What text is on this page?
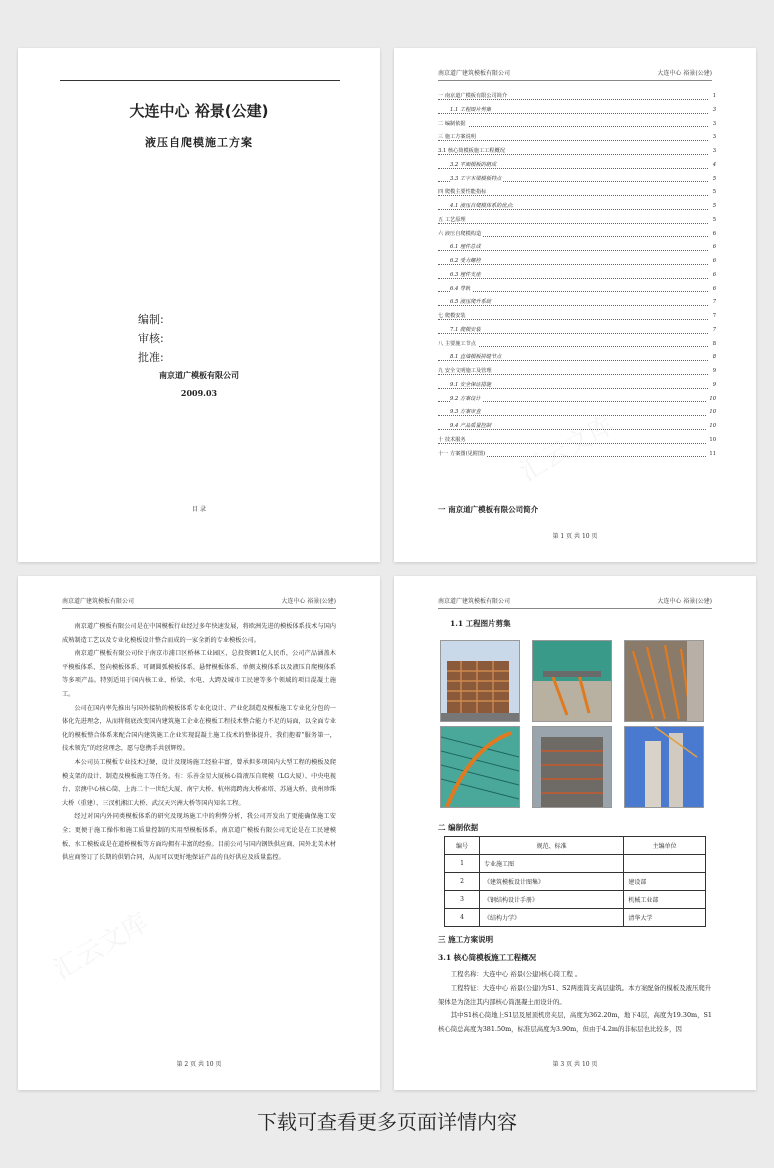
大连中心 裕景(公建)
液压自爬模施工方案
编制:
审核:
批准:
南京道广模板有限公司
2009.03
目 录
南京道广建筑模板有限公司	大连中心 裕景(公建)
一 南京道广模板有限公司简介	1
1.1 工程图片剪集	3
二 编制依据	3
三 施工方案说明	3
3.1 核心筒模板施工工程概况	3
3.2 平面模板的组成	4
3.3 工字木梁模板特点	5
四 爬模主要性能指标	5
4.1 液压自爬模体系的优点:	5
五 工艺原理	5
六 液压自爬模构造	6
6.1 埋件总成	6
6.2 受力螺栓	6
6.3 埋件支座	6
6.4 导轨	6
6.5 液压爬升系统	7
七 爬模安装	7
7.1 爬模安装	7
八 主要施工节点	8
8.1 直墙模板拼缝节点	8
九 安全文明施工及管理	9
9.1 安全保证措施	9
9.2 方案设计	10
9.3 方案审查	10
9.4 产品质量控制	10
十 技术服务	10
十一 方案图(见附图)	11
一 南京道广模板有限公司简介
第 1 页 共 10 页
南京道广建筑模板有限公司	大连中心 裕景(公建)

南京道广模板有限公司是在中国模板行业经过多年快速发展，将欧洲先进的模板体系技术与国内成熟制造工艺以及专业化模板设计整合而成的一家全新的专业模板公司。

南京道广模板有限公司位于南京市浦口区桥林工业园区，总投资额1亿人民币，公司产品涵盖木平模板体系、竖向模板体系、可调圆弧模板体系、悬臂模板体系、单侧支模体系以及液压自爬模体系等多项产品。特别适用于国内核工业、桥梁、水电、大跨及城市工民建等多个领域的项目混凝土施工。

公司在国内率先推出与国外接轨的模板体系专业化设计、产业化制造及模板施工专业化分包的一体化先进理念，从而将彻底改变国内建筑施工企业在模板工程技术整合能力不足的局面，以全面专业化的模板整合体系来配合国内建筑施工企业实现混凝土施工技术的整体提升，我们抱着“服务第一，技术领先”的经营理念，愿与您携手共创辉煌。

本公司员工模板专业技术过硬，设计及现场施工经验丰富，曾承担多项国内大型工程的模板及爬模支架的设计、制造及模板施工等任务。有：乐善金星大厦核心筒液压自爬模（LG大厦）、中央电视台、京澳中心核心筒、上海二十一世纪大厦、南宁大桥、杭州湾跨海大桥索塔、苏通大桥、贵州珍珠大桥（重建）、三汊机湘江大桥、武汉天兴洲大桥等国内知名工程。

经过对国内外同类模板体系的研究及现场施工中的利弊分析，我公司开发出了更能确保施工安全；更便于施工操作和施工质量控制的实用型模板体系。南京道广模板有限公司无论是在工民建模板、水工模板或是在道桥模板等方面均拥有丰富的经验。目前公司与国内钢铁供应商、国外北美木材供应商签订了长期的供销合同，从而可以更好地保证产品的良好供应及质量监控。

第 2 页 共 10 页
南京道广建筑模板有限公司	大连中心 裕景(公建)
1.1 工程图片剪集
二 编制依据
编号	规范、标准	主编单位
1	专业施工图	
2	《建筑模板设计图集》	建设部
3	《钢结构设计手册》	机械工业部
4	《结构力学》	清华大学
三 施工方案说明
3.1 核心筒模板施工工程概况

工程名称：大连中心 裕景(公建)核心筒工程 。

工程特征：大连中心 裕景(公建)为S1、S2两座筒支高层建筑。本方案配备的模板及液压爬升架体是为浇注其内部核心筒混凝土而设计的。

其中S1核心筒地上S1层及屋顶机房夹层，高度为362.20m，地下4层，高度为19.30m，S1核心筒总高度为381.50m，标准层高度为3.90m，但由于4.2m的非标层也比较多，因

第 3 页 共 10 页
下载可查看更多页面详情内容
